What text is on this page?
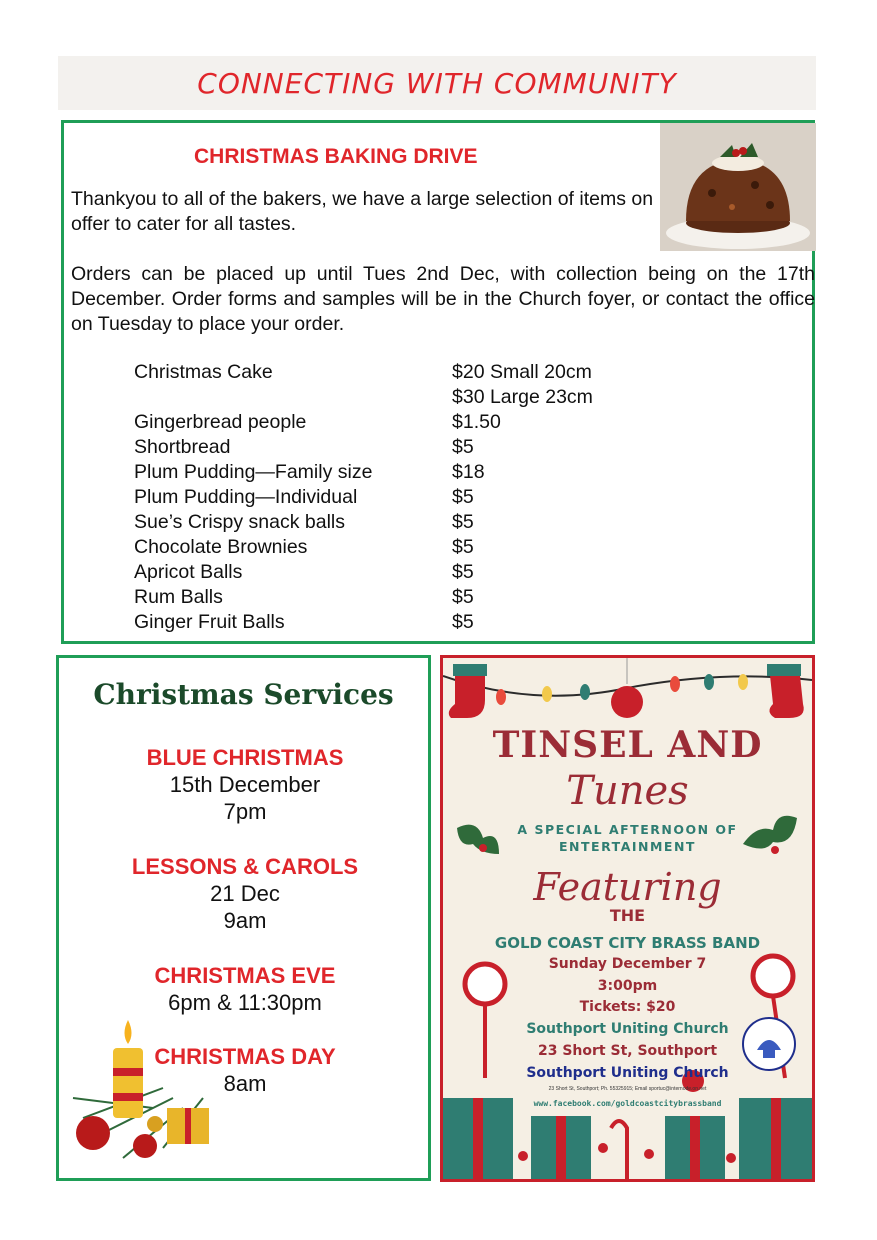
CONNECTING WITH COMMUNITY
CHRISTMAS BAKING DRIVE
Thankyou to all of the bakers, we have a large selection of items on offer to cater for all tastes.
Orders can be placed up until Tues 2nd Dec, with collection being on the 17th December. Order forms and samples will be in the Church foyer, or contact the office on Tuesday to place your order.
Christmas Cake	$20 Small 20cm
$30 Large 23cm
Gingerbread people	$1.50
Shortbread	$5
Plum Pudding—Family size	$18
Plum Pudding—Individual	$5
Sue’s Crispy snack balls	$5
Chocolate Brownies	$5
Apricot Balls	$5
Rum Balls	$5
Ginger Fruit Balls	$5
Christmas Services
BLUE CHRISTMAS
15th December
7pm
LESSONS & CAROLS
21 Dec
9am
CHRISTMAS EVE
6pm & 11:30pm
CHRISTMAS DAY
8am
TINSEL AND
Tunes
A SPECIAL AFTERNOON OF
ENTERTAINMENT
Featuring
THE
GOLD COAST CITY BRASS BAND
Sunday December 7
3:00pm
Tickets: $20
Southport Uniting Church
23 Short St, Southport
Southport Uniting Church
23 Short St, Southport; Ph. 55325915; Email sportuc@internode.on.net
www.facebook.com/goldcoastcitybrassband
